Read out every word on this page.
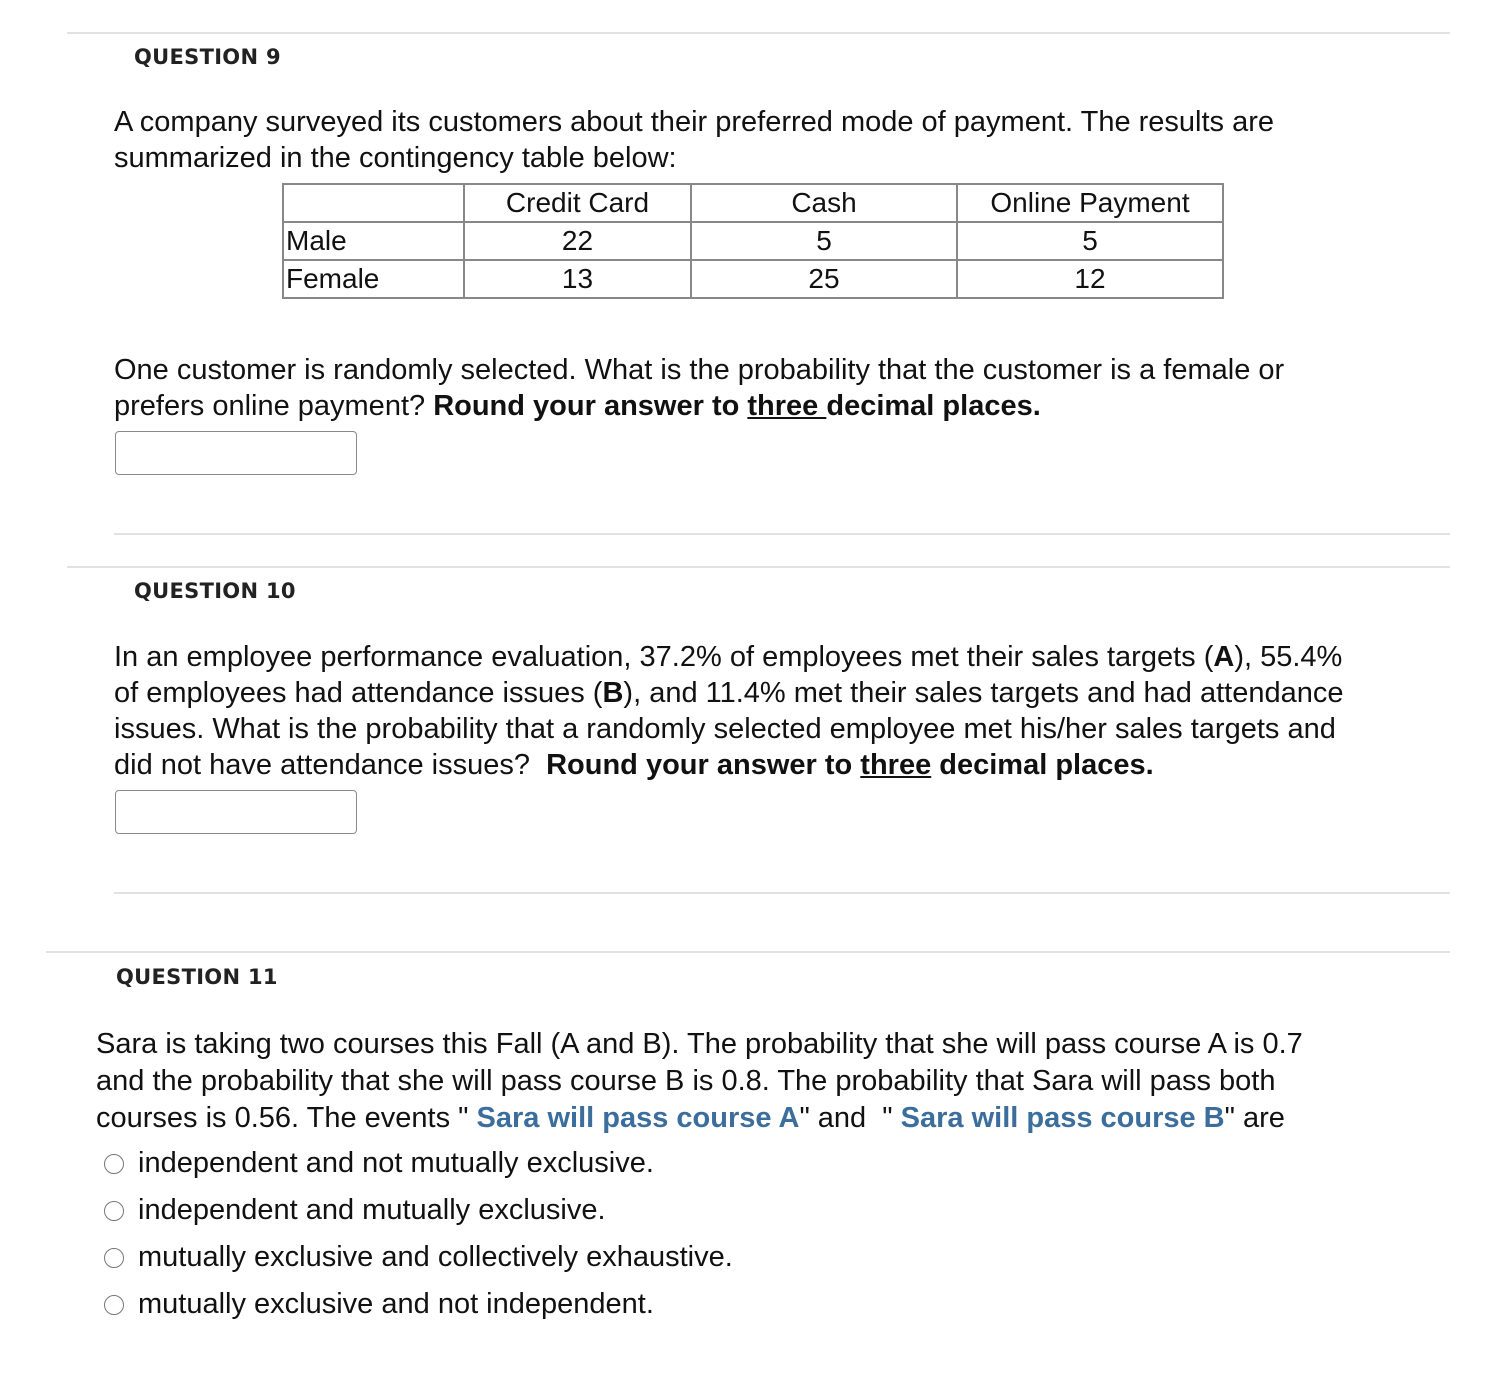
QUESTION 9
A company surveyed its customers about their preferred mode of payment. The results are
summarized in the contingency table below:
	Credit Card	Cash	Online Payment
Male	22	5	5
Female	13	25	12
One customer is randomly selected. What is the probability that the customer is a female or
prefers online payment? Round your answer to three decimal places.
QUESTION 10
In an employee performance evaluation, 37.2% of employees met their sales targets (A), 55.4%
of employees had attendance issues (B), and 11.4% met their sales targets and had attendance
issues. What is the probability that a randomly selected employee met his/her sales targets and
did not have attendance issues?  Round your answer to three decimal places.
QUESTION 11
Sara is taking two courses this Fall (A and B). The probability that she will pass course A is 0.7
and the probability that she will pass course B is 0.8. The probability that Sara will pass both
courses is 0.56. The events " Sara will pass course A" and  " Sara will pass course B" are
independent and not mutually exclusive.
independent and mutually exclusive.
mutually exclusive and collectively exhaustive.
mutually exclusive and not independent.
